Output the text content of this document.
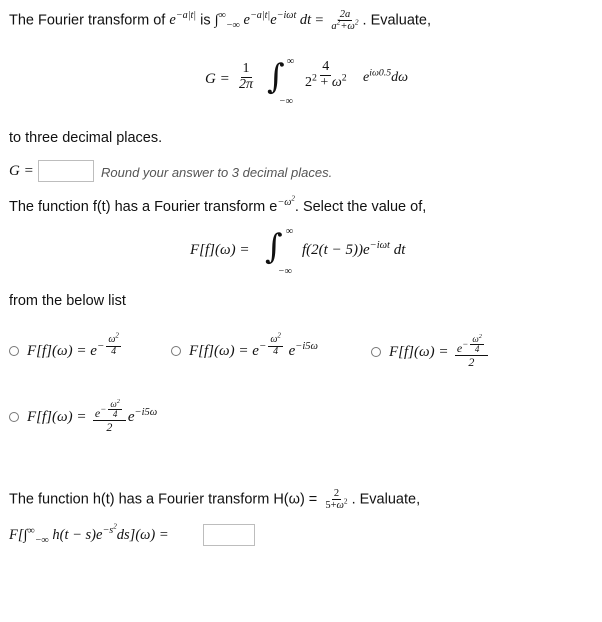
The Fourier transform of $e^{-a|t|}$ is $\int^\infty_{-\infty}$ $e^{-a|t|}e^{-i\omega t}$ dt = $\frac{2a}{a^2+\omega^2}$ . Evaluate,
$G = \frac{1}{2\pi}$ ∫ ∞
−∞
$\frac{4}{2^2 + \omega^2} e^{i\omega 0.5}d\omega$
to three decimal places.
G =	Round your answer to 3 decimal places.
The function f(t) has a Fourier transform $e^{-\omega^2}$. Select the value of,
F[f](ω) = ∫ ∞
−∞
$f(2(t - 5))e^{-i\omega t}$ dt
from the below list
$F[f](\omega) = e^{- \frac{\omega^2}{4}}$	$F[f](\omega) = e^{- \frac{\omega^2}{4}}$ $e^{-i5\omega}$	$F[f](\omega) = e^{- \frac{\omega^2}{4}}$
2
$F[f](\omega) = e^{- \frac{\omega^2}{4}}$
2 $e^{-i5\omega}$
The function h(t) has a Fourier transform $H(\omega) = \frac{2}{5+\omega^2}$ . Evaluate,
$F[\int^\infty_{-\infty}$ $h(t - s)e^{-s^2}ds](\omega)$ =
